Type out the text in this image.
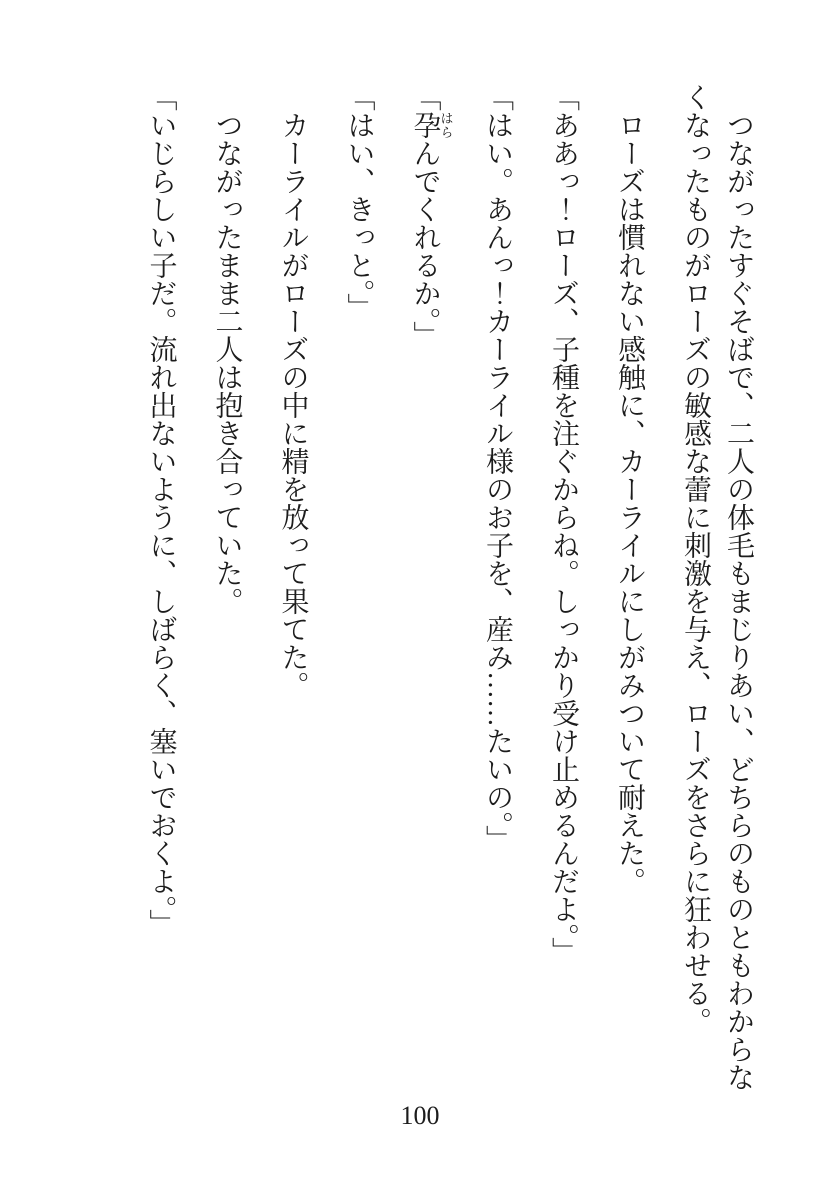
つながったすぐそばで、二人の体毛もまじりあい、どちらのものともわからなくなったものがローズの敏感な蕾に刺激を与え、ローズをさらに狂わせる。

ローズは慣れない感触に、カーライルにしがみついて耐えた。

「ああっ！ローズ、子種を注ぐからね。しっかり受け止めるんだよ。」

「はい。あんっ！カーライル様のお子を、産み……たいの。」

「孕はらんでくれるか。」

「はい、きっと。」

カーライルがローズの中に精を放って果てた。

つながったまま二人は抱き合っていた。

「いじらしい子だ。流れ出ないように、しばらく、塞いでおくよ。」

100
